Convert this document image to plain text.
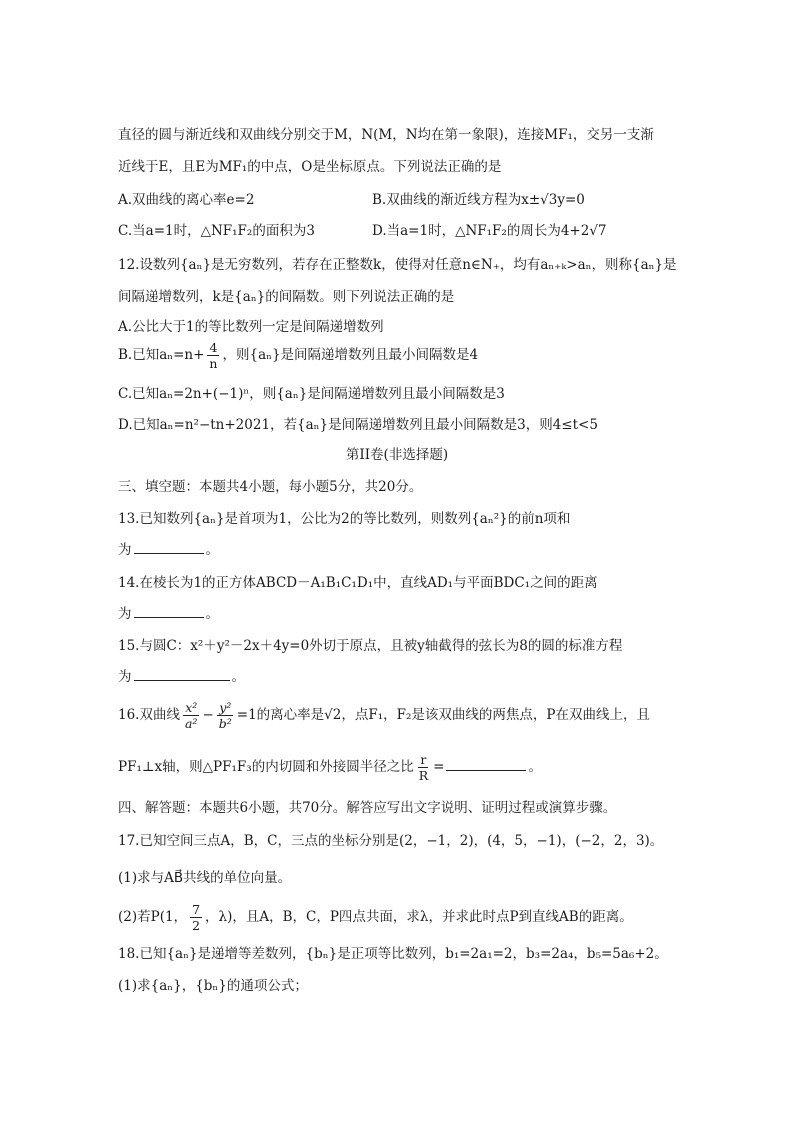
直径的圆与渐近线和双曲线分别交于M，N(M，N均在第一象限)，连接MF₁，交另一支渐
近线于E，且E为MF₁的中点，O是坐标原点。下列说法正确的是
A.双曲线的离心率e=2	B.双曲线的渐近线方程为x±√3y=0
C.当a=1时，△NF₁F₂的面积为3	D.当a=1时，△NF₁F₂的周长为4+2√7
12.设数列{aₙ}是无穷数列，若存在正整数k，使得对任意n∈N₊，均有aₙ₊ₖ>aₙ，则称{aₙ}是
间隔递增数列，k是{aₙ}的间隔数。则下列说法正确的是
A.公比大于1的等比数列一定是间隔递增数列
B.已知$a_n=n+ \frac{4}{n}$ ，则{aₙ}是间隔递增数列且最小间隔数是4
C.已知aₙ=2n+(−1)ⁿ，则{aₙ}是间隔递增数列且最小间隔数是3
D.已知aₙ=n²−tn+2021，若{aₙ}是间隔递增数列且最小间隔数是3，则4≤t<5
第II卷(非选择题)
三、填空题：本题共4小题，每小题5分，共20分。
13.已知数列{aₙ}是首项为1，公比为2的等比数列，则数列{aₙ²}的前n项和
为	。
14.在棱长为1的正方体ABCD－A₁B₁C₁D₁中，直线AD₁与平面BDC₁之间的距离
为	。
15.与圆C：x²＋y²－2x＋4y=0外切于原点，且被y轴截得的弦长为8的圆的标准方程
为	。
16.双曲线 $\frac{\text{x²}}{\text{a²}} - \frac{\text{y²}}{\text{b²}} =1$的离心率是√2，点F₁，F₂是该双曲线的两焦点，P在双曲线上，且
PF₁⊥x轴，则△PF₁F₃的内切圆和外接圆半径之比 $\frac{r}{R}$ =	。
四、解答题：本题共6小题，共70分。解答应写出文字说明、证明过程或演算步骤。
17.已知空间三点A，B，C，三点的坐标分别是(2，−1，2)，(4，5，−1)，(−2，2，3)。
(1)求与AB⃗共线的单位向量。
(2)若P(1， $\frac{7}{2}$ ，λ)，且A，B，C，P四点共面，求λ，并求此时点P到直线AB的距离。
18.已知{aₙ}是递增等差数列，{bₙ}是正项等比数列，b₁=2a₁=2，b₃=2a₄，b₅=5a₆+2。
(1)求{aₙ}，{bₙ}的通项公式；
